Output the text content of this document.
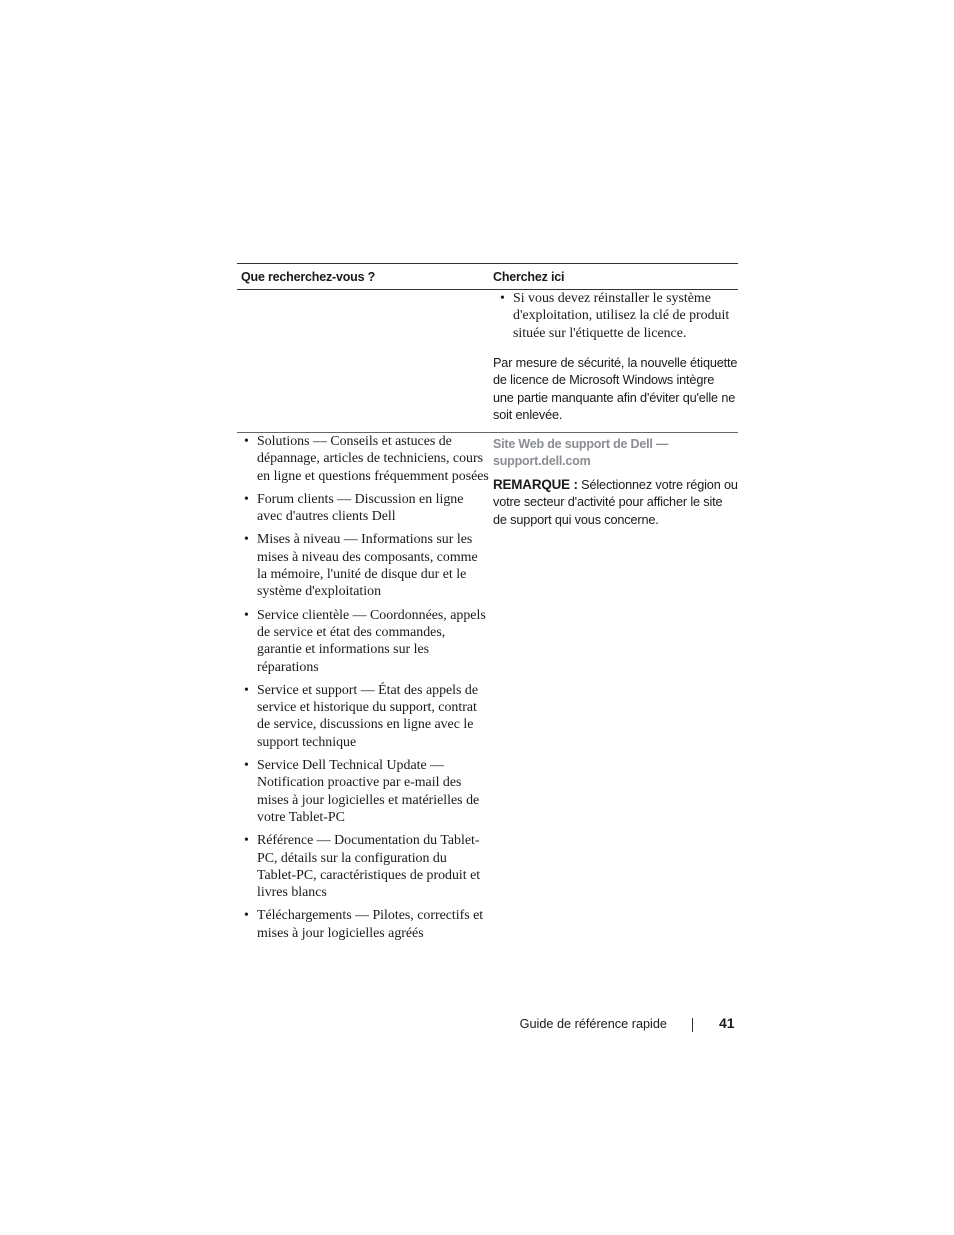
Que recherchez-vous ?	Cherchez ici
• Si vous devez réinstaller le système d'exploitation, utilisez la clé de produit située sur l'étiquette de licence.
Par mesure de sécurité, la nouvelle étiquette de licence de Microsoft Windows intègre une partie manquante afin d'éviter qu'elle ne soit enlevée.
• Solutions — Conseils et astuces de dépannage, articles de techniciens, cours en ligne et questions fréquemment posées
• Forum clients — Discussion en ligne avec d'autres clients Dell
• Mises à niveau — Informations sur les mises à niveau des composants, comme la mémoire, l'unité de disque dur et le système d'exploitation
• Service clientèle — Coordonnées, appels de service et état des commandes, garantie et informations sur les réparations
• Service et support — État des appels de service et historique du support, contrat de service, discussions en ligne avec le support technique
• Service Dell Technical Update — Notification proactive par e-mail des mises à jour logicielles et matérielles de votre Tablet-PC
• Référence — Documentation du Tablet-PC, détails sur la configuration du Tablet-PC, caractéristiques de produit et livres blancs
• Téléchargements — Pilotes, correctifs et mises à jour logicielles agréés
Site Web de support de Dell —
support.dell.com
REMARQUE : Sélectionnez votre région ou votre secteur d'activité pour afficher le site de support qui vous concerne.
Guide de référence rapide	41
